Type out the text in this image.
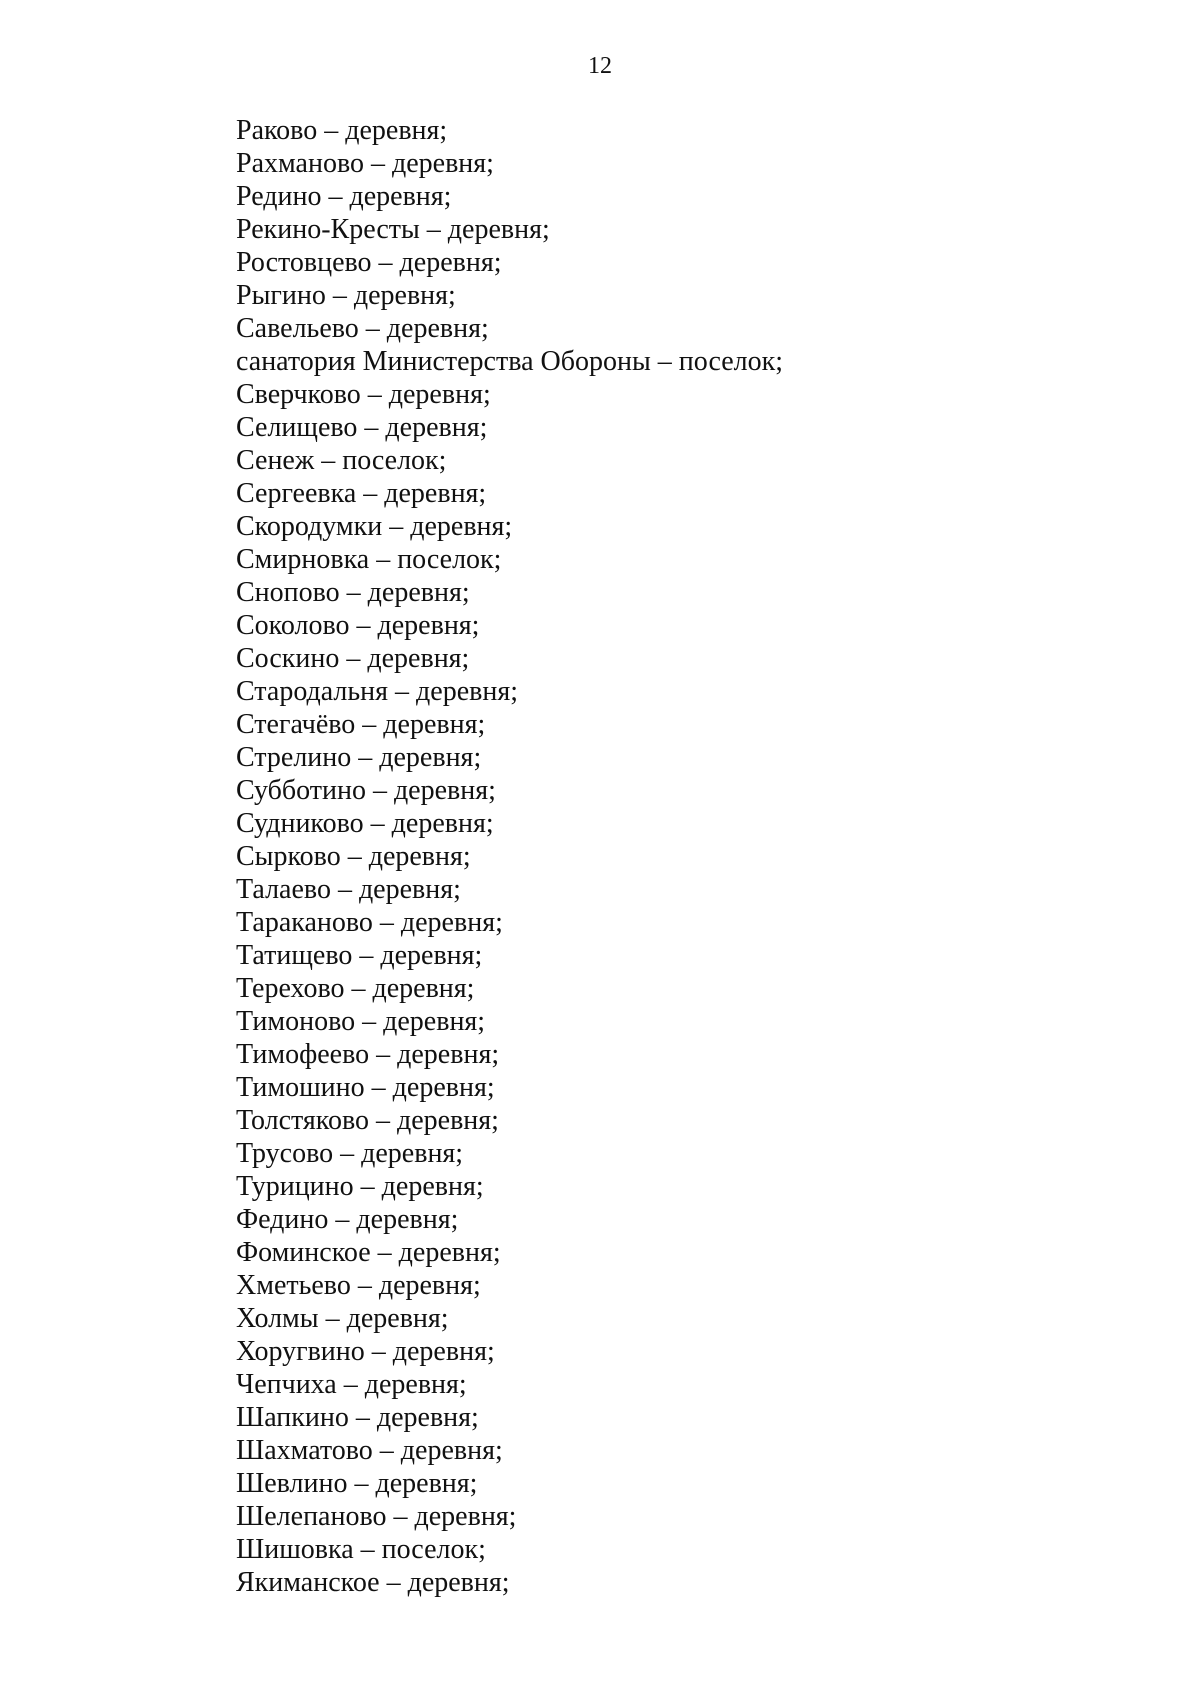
12
Раково – деревня;
Рахманово – деревня;
Редино – деревня;
Рекино-Кресты – деревня;
Ростовцево – деревня;
Рыгино – деревня;
Савельево – деревня;
санатория Министерства Обороны – поселок;
Сверчково – деревня;
Селищево – деревня;
Сенеж – поселок;
Сергеевка – деревня;
Скородумки – деревня;
Смирновка – поселок;
Снопово – деревня;
Соколово – деревня;
Соскино – деревня;
Стародальня – деревня;
Стегачёво – деревня;
Стрелино – деревня;
Субботино – деревня;
Судниково – деревня;
Сырково – деревня;
Талаево – деревня;
Тараканово – деревня;
Татищево – деревня;
Терехово – деревня;
Тимоново – деревня;
Тимофеево – деревня;
Тимошино – деревня;
Толстяково – деревня;
Трусово – деревня;
Турицино – деревня;
Федино – деревня;
Фоминское – деревня;
Хметьево – деревня;
Холмы – деревня;
Хоругвино – деревня;
Чепчиха – деревня;
Шапкино – деревня;
Шахматово – деревня;
Шевлино – деревня;
Шелепаново – деревня;
Шишовка – поселок;
Якиманское – деревня;
